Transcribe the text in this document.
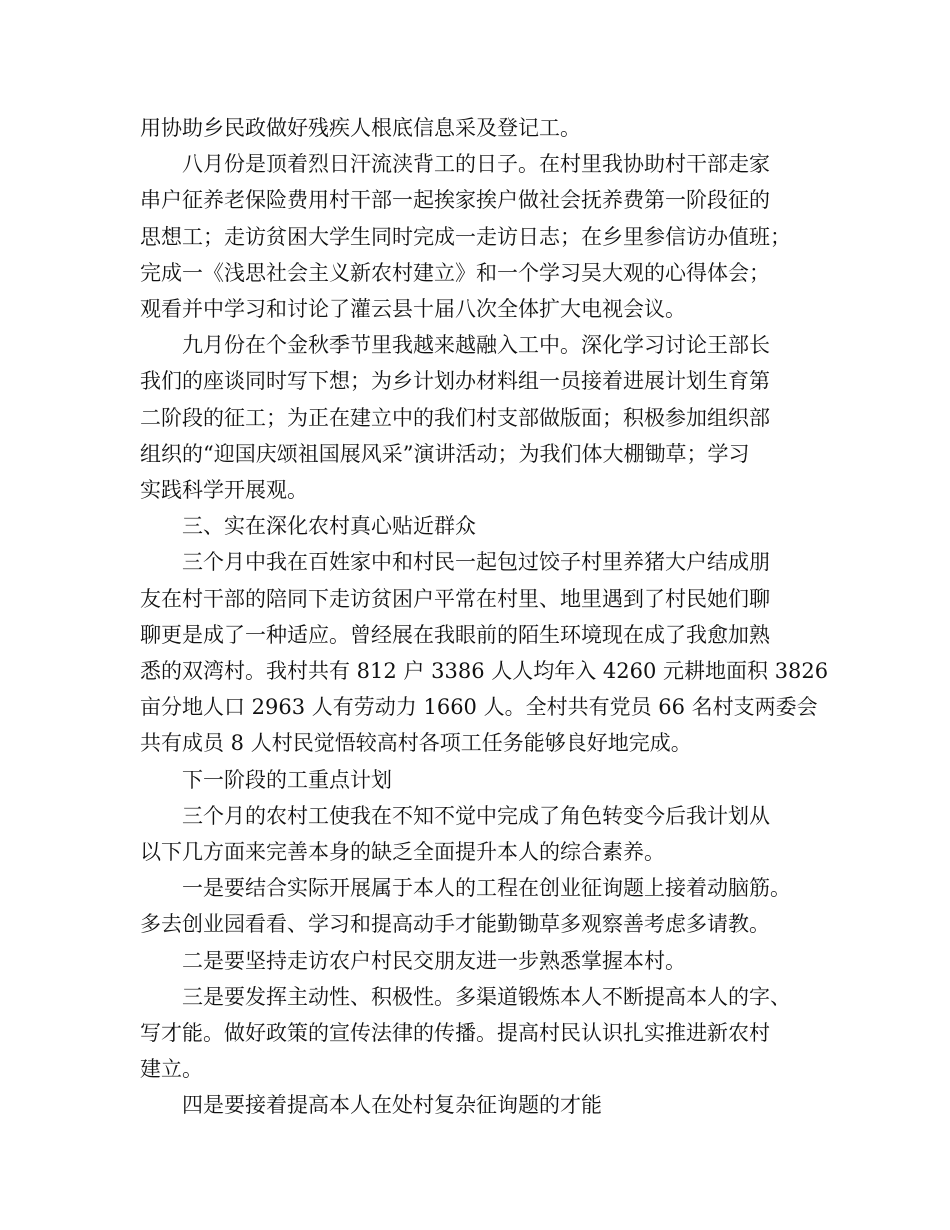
用协助乡民政做好残疾人根底信息采及登记工。
八月份是顶着烈日汗流浃背工的日子。在村里我协助村干部走家
串户征养老保险费用村干部一起挨家挨户做社会抚养费第一阶段征的
思想工；走访贫困大学生同时完成一走访日志；在乡里参信访办值班；
完成一《浅思社会主义新农村建立》和一个学习吴大观的心得体会；
观看并中学习和讨论了灌云县十届八次全体扩大电视会议。
九月份在个金秋季节里我越来越融入工中。深化学习讨论王部长
我们的座谈同时写下想；为乡计划办材料组一员接着进展计划生育第
二阶段的征工；为正在建立中的我们村支部做版面；积极参加组织部
组织的“迎国庆颂祖国展风采”演讲活动；为我们体大棚锄草；学习
实践科学开展观。
三、实在深化农村真心贴近群众
三个月中我在百姓家中和村民一起包过饺子村里养猪大户结成朋
友在村干部的陪同下走访贫困户平常在村里、地里遇到了村民她们聊
聊更是成了一种适应。曾经展在我眼前的陌生环境现在成了我愈加熟
悉的双湾村。我村共有 812 户 3386 人人均年入 4260 元耕地面积 3826
亩分地人口 2963 人有劳动力 1660 人。全村共有党员 66 名村支两委会
共有成员 8 人村民觉悟较高村各项工任务能够良好地完成。
下一阶段的工重点计划
三个月的农村工使我在不知不觉中完成了角色转变今后我计划从
以下几方面来完善本身的缺乏全面提升本人的综合素养。
一是要结合实际开展属于本人的工程在创业征询题上接着动脑筋。
多去创业园看看、学习和提高动手才能勤锄草多观察善考虑多请教。
二是要坚持走访农户村民交朋友进一步熟悉掌握本村。
三是要发挥主动性、积极性。多渠道锻炼本人不断提高本人的字、
写才能。做好政策的宣传法律的传播。提高村民认识扎实推进新农村
建立。
四是要接着提高本人在处村复杂征询题的才能
